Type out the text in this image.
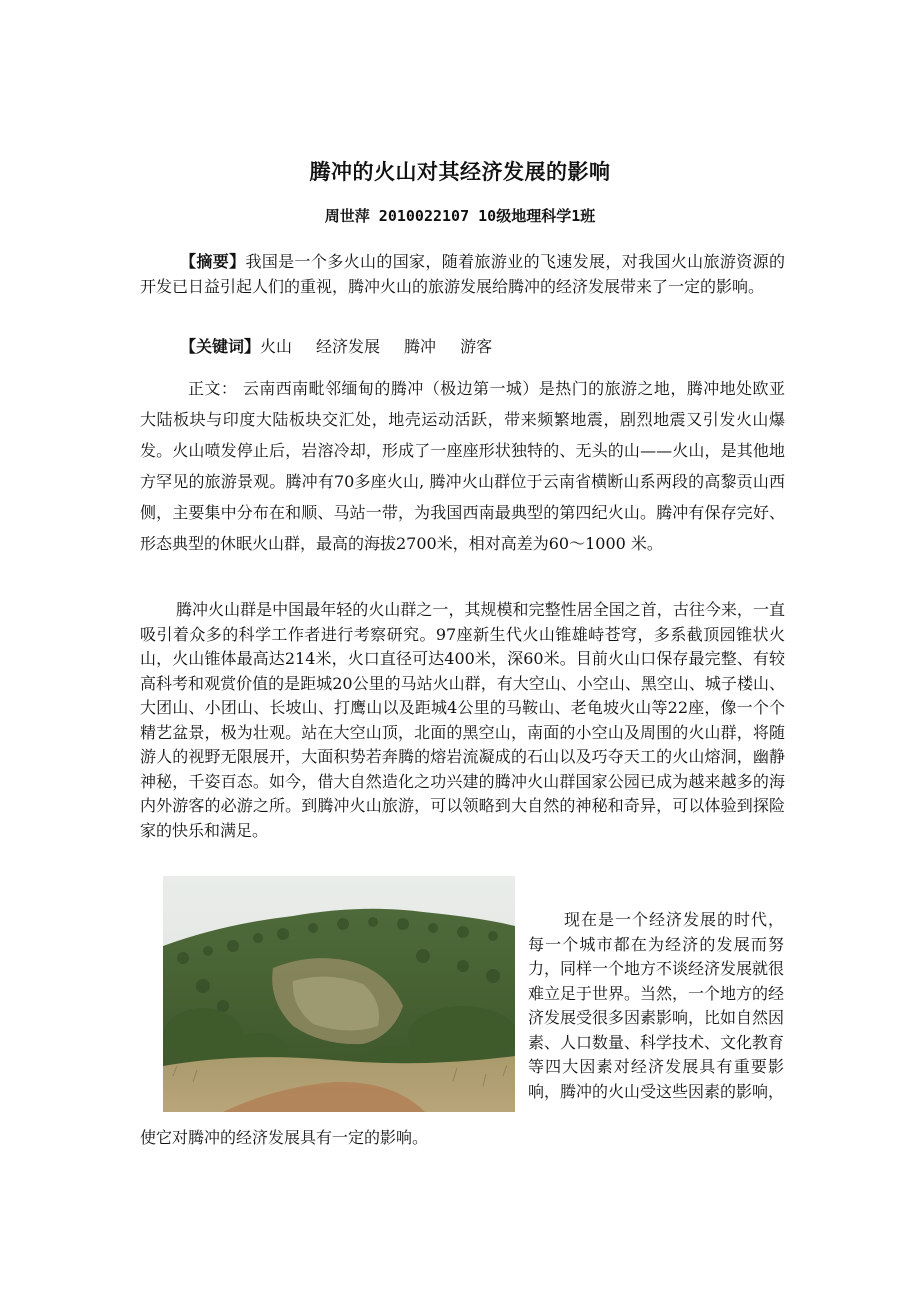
腾冲的火山对其经济发展的影响
周世萍 2010022107 10级地理科学1班
【摘要】我国是一个多火山的国家，随着旅游业的飞速发展，对我国火山旅游资源的开发已日益引起人们的重视，腾冲火山的旅游发展给腾冲的经济发展带来了一定的影响。
【关键词】火山 经济发展 腾冲 游客
正文： 云南西南毗邻缅甸的腾冲（极边第一城）是热门的旅游之地，腾冲地处欧亚大陆板块与印度大陆板块交汇处，地壳运动活跃，带来频繁地震，剧烈地震又引发火山爆发。火山喷发停止后，岩溶冷却，形成了一座座形状独特的、无头的山——火山，是其他地方罕见的旅游景观。腾冲有70多座火山, 腾冲火山群位于云南省横断山系两段的高黎贡山西侧，主要集中分布在和顺、马站一带，为我国西南最典型的第四纪火山。腾冲有保存完好、形态典型的休眠火山群，最高的海拔2700米，相对高差为60～1000 米。
腾冲火山群是中国最年轻的火山群之一，其规模和完整性居全国之首，古往今来，一直吸引着众多的科学工作者进行考察研究。97座新生代火山锥雄峙苍穹，多系截顶园锥状火山，火山锥体最高达214米，火口直径可达400米，深60米。目前火山口保存最完整、有较高科考和观赏价值的是距城20公里的马站火山群，有大空山、小空山、黑空山、城子楼山、大团山、小团山、长坡山、打鹰山以及距城4公里的马鞍山、老龟坡火山等22座，像一个个精艺盆景，极为壮观。站在大空山顶，北面的黑空山，南面的小空山及周围的火山群，将随游人的视野无限展开，大面积势若奔腾的熔岩流凝成的石山以及巧夺天工的火山熔洞，幽静神秘，千姿百态。如今，借大自然造化之功兴建的腾冲火山群国家公园已成为越来越多的海内外游客的必游之所。到腾冲火山旅游，可以领略到大自然的神秘和奇异，可以体验到探险家的快乐和满足。
现在是一个经济发展的时代，每一个城市都在为经济的发展而努力，同样一个地方不谈经济发展就很难立足于世界。当然，一个地方的经济发展受很多因素影响，比如自然因素、人口数量、科学技术、文化教育等四大因素对经济发展具有重要影响，腾冲的火山受这些因素的影响，
使它对腾冲的经济发展具有一定的影响。
